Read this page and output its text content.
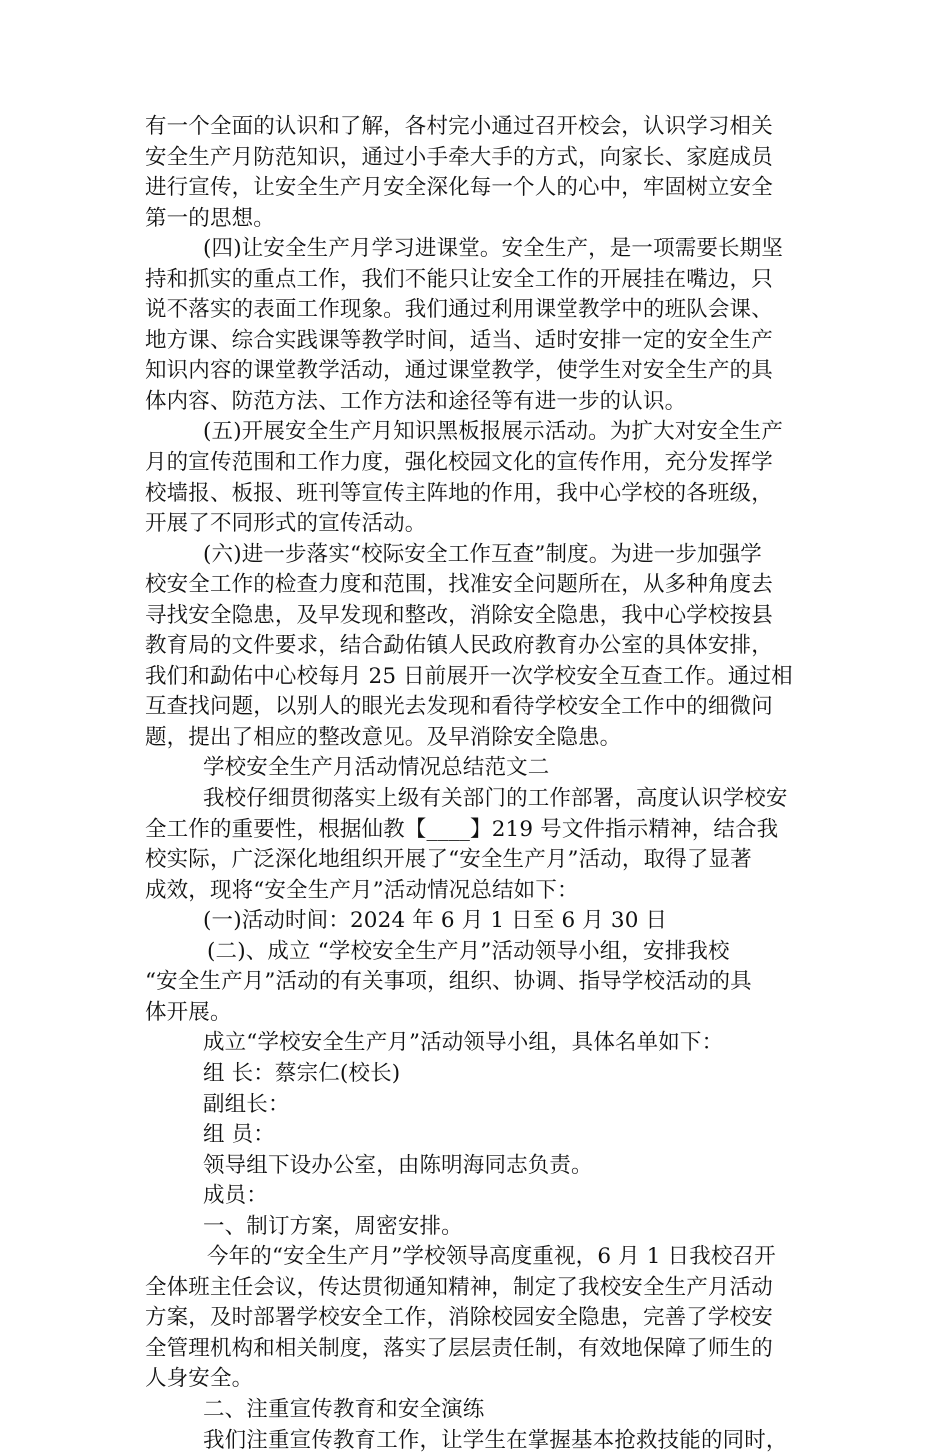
有一个全面的认识和了解，各村完小通过召开校会，认识学习相关
安全生产月防范知识，通过小手牵大手的方式，向家长、家庭成员
进行宣传，让安全生产月安全深化每一个人的心中，牢固树立安全
第一的思想。
(四)让安全生产月学习进课堂。安全生产，是一项需要长期坚
持和抓实的重点工作，我们不能只让安全工作的开展挂在嘴边，只
说不落实的表面工作现象。我们通过利用课堂教学中的班队会课、
地方课、综合实践课等教学时间，适当、适时安排一定的安全生产
知识内容的课堂教学活动，通过课堂教学，使学生对安全生产的具
体内容、防范方法、工作方法和途径等有进一步的认识。
(五)开展安全生产月知识黑板报展示活动。为扩大对安全生产
月的宣传范围和工作力度，强化校园文化的宣传作用，充分发挥学
校墙报、板报、班刊等宣传主阵地的作用，我中心学校的各班级，
开展了不同形式的宣传活动。
(六)进一步落实“校际安全工作互查”制度。为进一步加强学
校安全工作的检查力度和范围，找准安全问题所在，从多种角度去
寻找安全隐患，及早发现和整改，消除安全隐患，我中心学校按县
教育局的文件要求，结合勐佑镇人民政府教育办公室的具体安排，
我们和勐佑中心校每月 25 日前展开一次学校安全互查工作。通过相
互查找问题，以别人的眼光去发现和看待学校安全工作中的细微问
题，提出了相应的整改意见。及早消除安全隐患。
学校安全生产月活动情况总结范文二
我校仔细贯彻落实上级有关部门的工作部署，高度认识学校安
全工作的重要性，根据仙教【____】219 号文件指示精神，结合我
校实际，广泛深化地组织开展了“安全生产月”活动，取得了显著
成效，现将“安全生产月”活动情况总结如下：
(一)活动时间：2024 年 6 月 1 日至 6 月 30 日
(二)、成立 “学校安全生产月”活动领导小组，安排我校
“安全生产月”活动的有关事项，组织、协调、指导学校活动的具
体开展。
成立“学校安全生产月”活动领导小组，具体名单如下：
组 长：蔡宗仁(校长)
副组长：
组 员：
领导组下设办公室，由陈明海同志负责。
成员：
一、制订方案，周密安排。
今年的“安全生产月”学校领导高度重视，6 月 1 日我校召开
全体班主任会议，传达贯彻通知精神，制定了我校安全生产月活动
方案，及时部署学校安全工作，消除校园安全隐患，完善了学校安
全管理机构和相关制度，落实了层层责任制，有效地保障了师生的
人身安全。
二、注重宣传教育和安全演练
我们注重宣传教育工作，让学生在掌握基本抢救技能的同时，
